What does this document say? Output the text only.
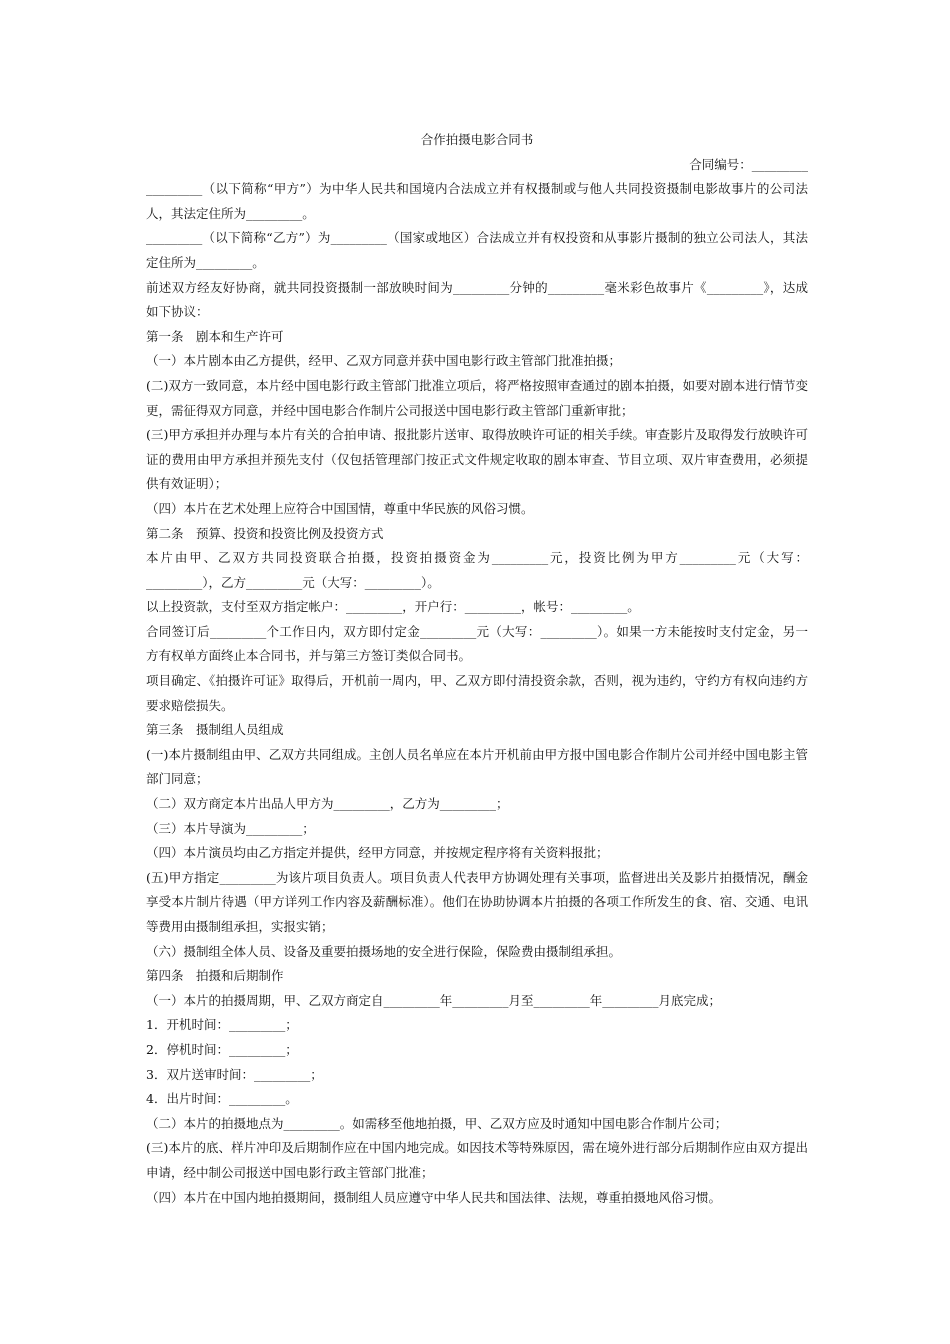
合作拍摄电影合同书

合同编号：_________

_________（以下简称“甲方”）为中华人民共和国境内合法成立并有权摄制或与他人共同投资摄制电影故事片的公司法人，其法定住所为_________。

_________（以下简称“乙方”）为_________（国家或地区）合法成立并有权投资和从事影片摄制的独立公司法人，其法定住所为_________。

前述双方经友好协商，就共同投资摄制一部放映时间为_________分钟的_________毫米彩色故事片《_________》，达成如下协议：

第一条　剧本和生产许可

（一）本片剧本由乙方提供，经甲、乙双方同意并获中国电影行政主管部门批准拍摄；

(二)双方一致同意，本片经中国电影行政主管部门批准立项后，将严格按照审查通过的剧本拍摄，如要对剧本进行情节变更，需征得双方同意，并经中国电影合作制片公司报送中国电影行政主管部门重新审批；

(三)甲方承担并办理与本片有关的合拍申请、报批影片送审、取得放映许可证的相关手续。审查影片及取得发行放映许可证的费用由甲方承担并预先支付（仅包括管理部门按正式文件规定收取的剧本审查、节目立项、双片审查费用，必须提供有效证明）；

（四）本片在艺术处理上应符合中国国情，尊重中华民族的风俗习惯。

第二条　预算、投资和投资比例及投资方式

本片由甲、乙双方共同投资联合拍摄，投资拍摄资金为_________元，投资比例为甲方_________元（大写：_________），乙方_________元（大写：_________）。

以上投资款，支付至双方指定帐户：_________，开户行：_________，帐号：_________。

合同签订后_________个工作日内，双方即付定金_________元（大写：_________）。如果一方未能按时支付定金，另一方有权单方面终止本合同书，并与第三方签订类似合同书。

项目确定、《拍摄许可证》取得后，开机前一周内，甲、乙双方即付清投资余款，否则，视为违约，守约方有权向违约方要求赔偿损失。

第三条　摄制组人员组成

(一)本片摄制组由甲、乙双方共同组成。主创人员名单应在本片开机前由甲方报中国电影合作制片公司并经中国电影主管部门同意；

（二）双方商定本片出品人甲方为_________，乙方为_________；

（三）本片导演为_________；

（四）本片演员均由乙方指定并提供，经甲方同意，并按规定程序将有关资料报批；

(五)甲方指定_________为该片项目负责人。项目负责人代表甲方协调处理有关事项，监督进出关及影片拍摄情况，酬金享受本片制片待遇（甲方详列工作内容及薪酬标准）。他们在协助协调本片拍摄的各项工作所发生的食、宿、交通、电讯等费用由摄制组承担，实报实销；

（六）摄制组全体人员、设备及重要拍摄场地的安全进行保险，保险费由摄制组承担。

第四条　拍摄和后期制作

（一）本片的拍摄周期，甲、乙双方商定自_________年_________月至_________年_________月底完成；

1．开机时间：_________；

2．停机时间：_________；

3．双片送审时间：_________；

4．出片时间：_________。

（二）本片的拍摄地点为_________。如需移至他地拍摄，甲、乙双方应及时通知中国电影合作制片公司；

(三)本片的底、样片冲印及后期制作应在中国内地完成。如因技术等特殊原因，需在境外进行部分后期制作应由双方提出申请，经中制公司报送中国电影行政主管部门批准；

（四）本片在中国内地拍摄期间，摄制组人员应遵守中华人民共和国法律、法规，尊重拍摄地风俗习惯。
